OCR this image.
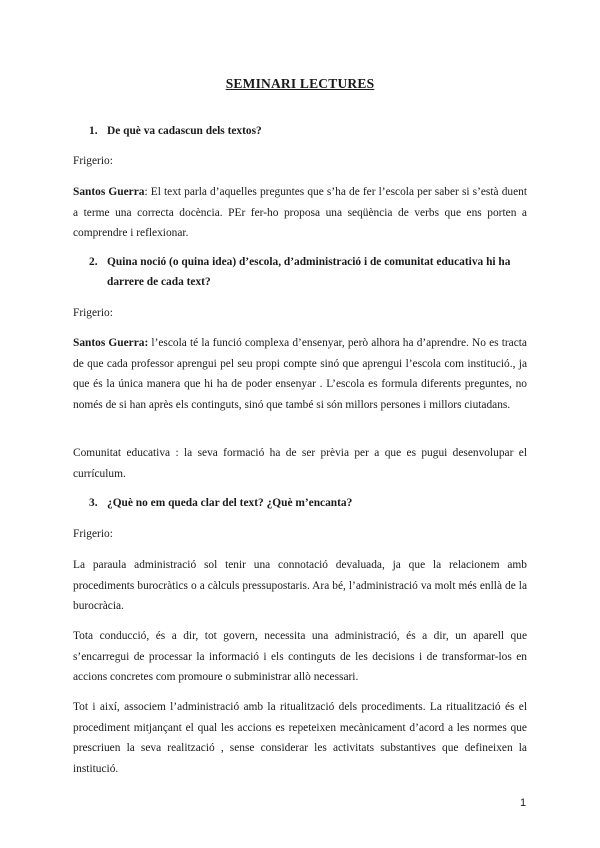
SEMINARI LECTURES
1. De què va cadascun dels textos?

Frigerio:

Santos Guerra: El text parla d’aquelles preguntes que s’ha de fer l’escola per saber si s’està duent a terme una correcta docència. PEr fer-ho proposa una seqüència de verbs que ens porten a comprendre i reflexionar.

2. Quina noció (o quina idea) d’escola, d’administració i de comunitat educativa hi ha darrere de cada text?

Frigerio:

Santos Guerra: l’escola té la funció complexa d’ensenyar, però alhora ha d’aprendre. No es tracta de que cada professor aprengui pel seu propi compte sinó que aprengui l’escola com institució., ja que és la única manera que hi ha de poder ensenyar . L’escola es formula diferents preguntes, no només de si han après els continguts, sinó que també si són millors persones i millors ciutadans.

Comunitat educativa : la seva formació ha de ser prèvia per a que es pugui desenvolupar el currículum.

3. ¿Què no em queda clar del text? ¿Què m’encanta?

Frigerio:

La paraula administració sol tenir una connotació devaluada, ja que la relacionem amb procediments burocràtics o a càlculs pressupostaris. Ara bé, l’administració va molt més enllà de la burocràcia.

Tota conducció, és a dir, tot govern, necessita una administració, és a dir, un aparell que s’encarregui de processar la informació i els continguts de les decisions i de transformar-los en accions concretes com promoure o subministrar allò necessari.

Tot i així, associem l’administració amb la ritualització dels procediments. La ritualització és el procediment mitjançant el qual les accions es repeteixen mecànicament d’acord a les normes que prescriuen la seva realització , sense considerar les activitats substantives que defineixen la institució.

1
